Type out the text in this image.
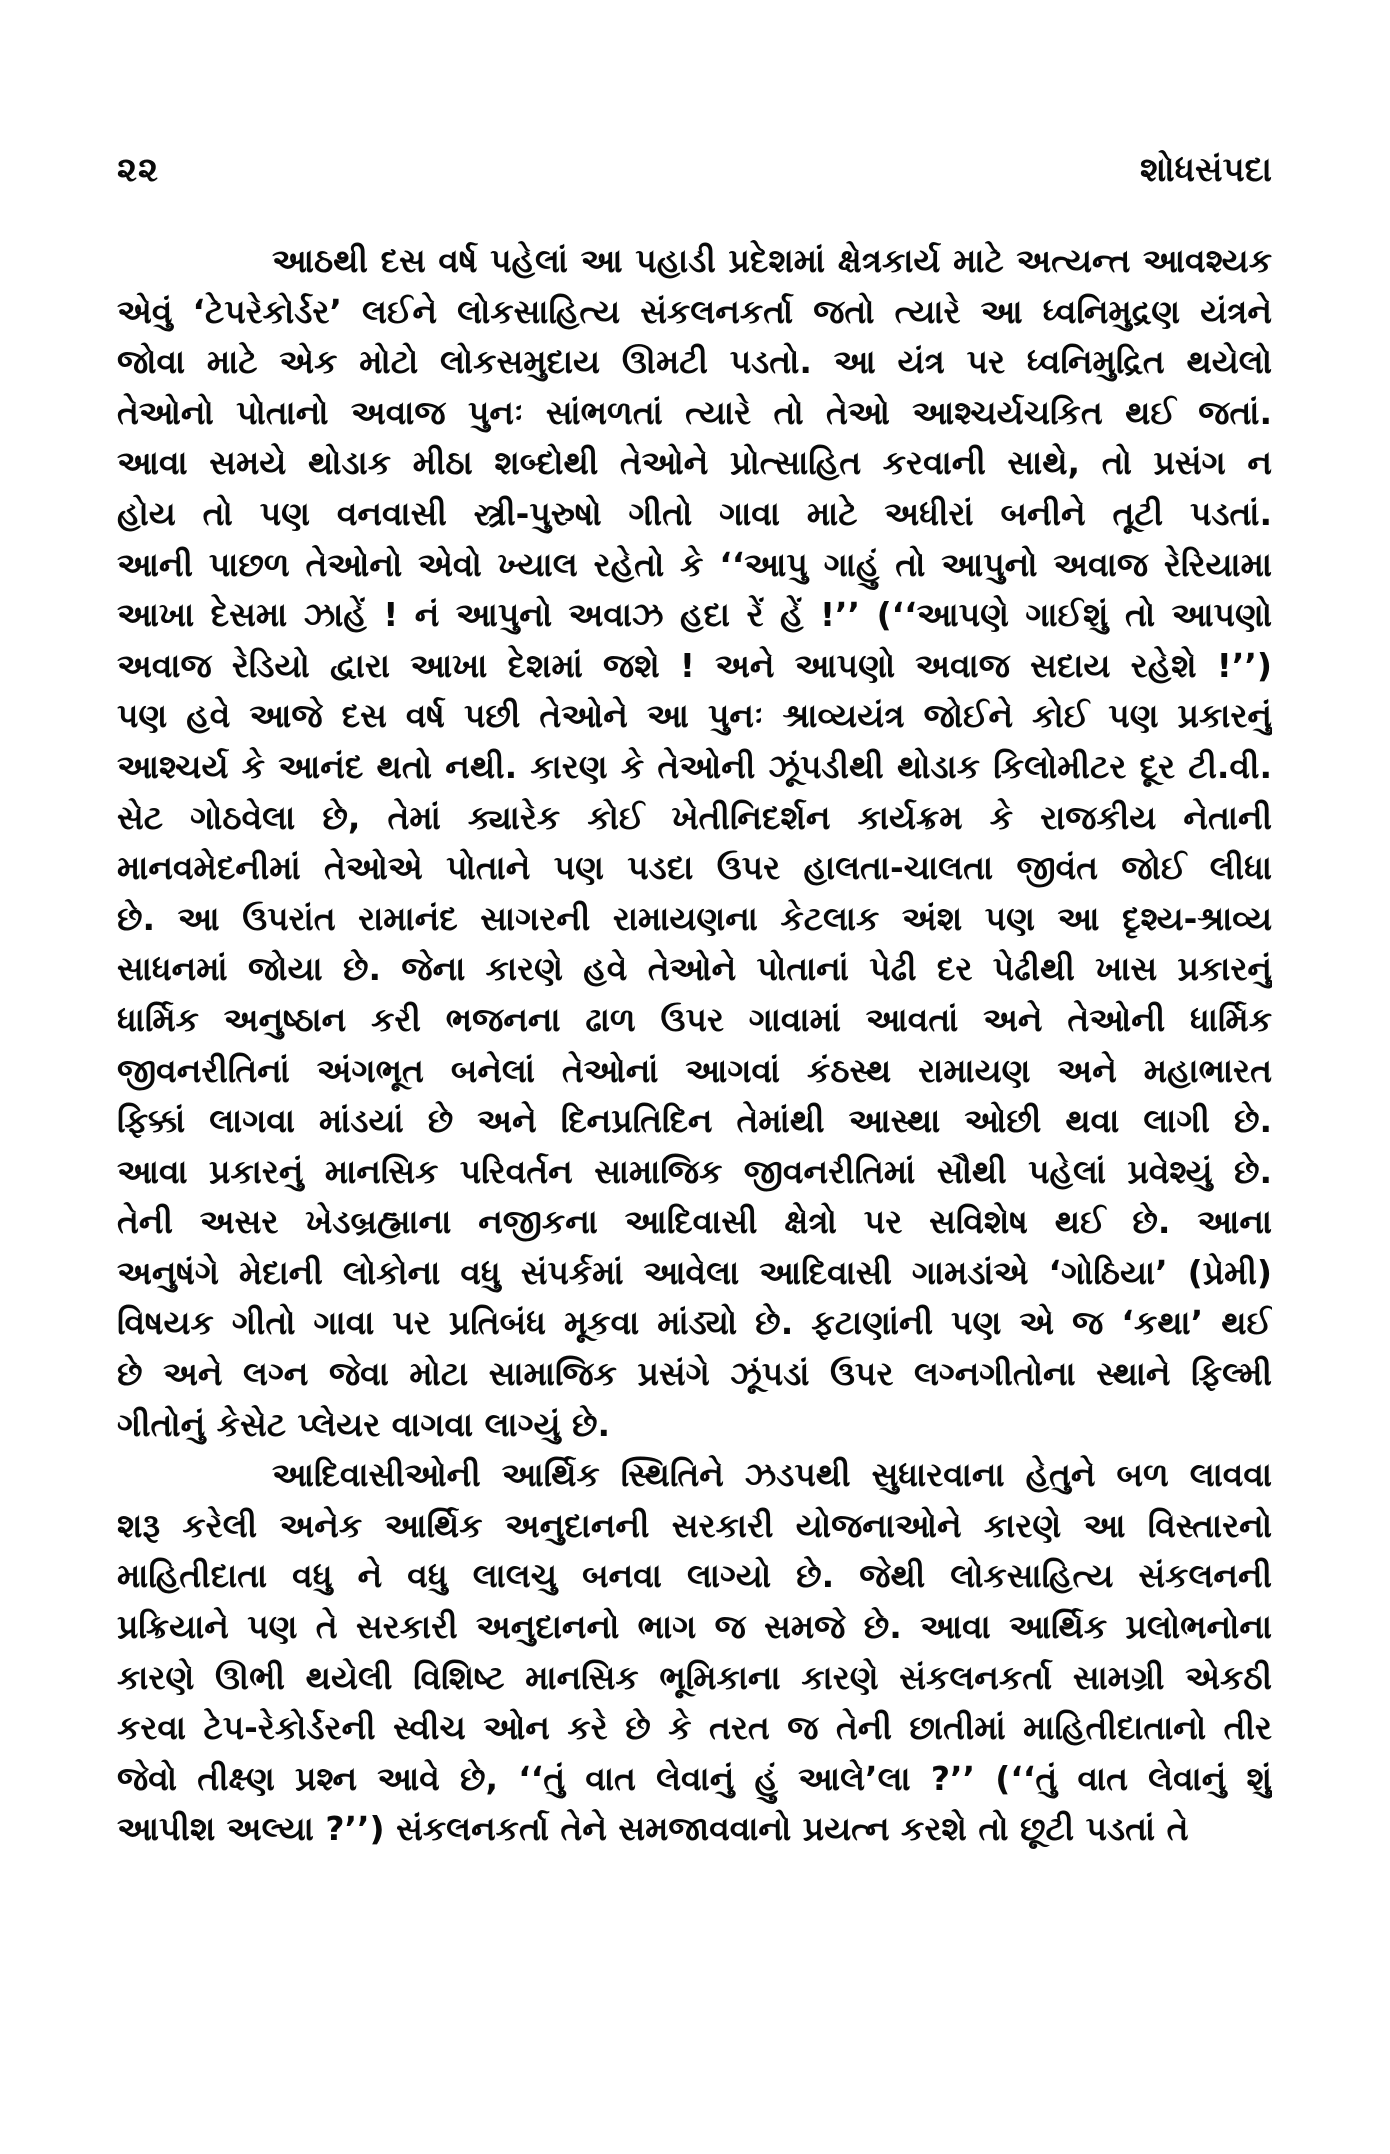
૨૨	શોધસંપદા
આઠથી દસ વર્ષ પહેલાં આ પહાડી પ્રદેશમાં ક્ષેત્રકાર્ય માટે અત્યન્ત આવશ્યક
એવું ‘ટેપરેકોર્ડર’ લઈને લોકસાહિત્ય સંકલનકર્તા જતો ત્યારે આ ધ્વનિમુદ્રણ યંત્રને
જોવા માટે એક મોટો લોકસમુદાય ઊમટી પડતો. આ યંત્ર પર ધ્વનિમુદ્રિત થયેલો
તેઓનો પોતાનો અવાજ પુનઃ સાંભળતાં ત્યારે તો તેઓ આશ્ચર્યચકિત થઈ જતાં.
આવા સમયે થોડાક મીઠા શબ્દોથી તેઓને પ્રોત્સાહિત કરવાની સાથે, તો પ્રસંગ ન
હોય તો પણ વનવાસી સ્ત્રી-પુરુષો ગીતો ગાવા માટે અધીરાં બનીને તૂટી પડતાં.
આની પાછળ તેઓનો એવો ખ્યાલ રહેતો કે ‘‘આપુ ગાહું તો આપુનો અવાજ રેરિયામા
આખા દેસમા ઝાહેં ! નં આપુનો અવાઝ હદા રેં હેં !’’ (‘‘આપણે ગાઈશું તો આપણો
અવાજ રેડિયો દ્વારા આખા દેશમાં જશે ! અને આપણો અવાજ સદાય રહેશે !’’)
પણ હવે આજે દસ વર્ષ પછી તેઓને આ પુનઃ શ્રાવ્યયંત્ર જોઈને કોઈ પણ પ્રકારનું
આશ્ચર્ય કે આનંદ થતો નથી. કારણ કે તેઓની ઝૂંપડીથી થોડાક કિલોમીટર દૂર ટી.વી.
સેટ ગોઠવેલા છે, તેમાં ક્યારેક કોઈ ખેતીનિદર્શન કાર્યક્રમ કે રાજકીય નેતાની
માનવમેદનીમાં તેઓએ પોતાને પણ પડદા ઉપર હાલતા-ચાલતા જીવંત જોઈ લીધા
છે. આ ઉપરાંત રામાનંદ સાગરની રામાયણના કેટલાક અંશ પણ આ દૃશ્ય-શ્રાવ્ય
સાધનમાં જોયા છે. જેના કારણે હવે તેઓને પોતાનાં પેઢી દર પેઢીથી ખાસ પ્રકારનું
ધાર્મિક અનુષ્ઠાન કરી ભજનના ઢાળ ઉપર ગાવામાં આવતાં અને તેઓની ધાર્મિક
જીવનરીતિનાં અંગભૂત બનેલાં તેઓનાં આગવાં કંઠસ્થ રામાયણ અને મહાભારત
ફિક્કાં લાગવા માંડયાં છે અને દિનપ્રતિદિન તેમાંથી આસ્થા ઓછી થવા લાગી છે.
આવા પ્રકારનું માનસિક પરિવર્તન સામાજિક જીવનરીતિમાં સૌથી પહેલાં પ્રવેશ્યું છે.
તેની અસર ખેડબ્રહ્માના નજીકના આદિવાસી ક્ષેત્રો પર સવિશેષ થઈ છે. આના
અનુષંગે મેદાની લોકોના વધુ સંપર્કમાં આવેલા આદિવાસી ગામડાંએ ‘ગોઠિયા’ (પ્રેમી)
વિષયક ગીતો ગાવા પર પ્રતિબંધ મૂકવા માંડ્યો છે. ફટાણાંની પણ એ જ ‘કથા’ થઈ
છે અને લગ્ન જેવા મોટા સામાજિક પ્રસંગે ઝૂંપડાં ઉપર લગ્નગીતોના સ્થાને ફિલ્મી
ગીતોનું કેસેટ પ્લેયર વાગવા લાગ્યું છે.
આદિવાસીઓની આર્થિક સ્થિતિને ઝડપથી સુધારવાના હેતુને બળ લાવવા
શરૂ કરેલી અનેક આર્થિક અનુદાનની સરકારી યોજનાઓને કારણે આ વિસ્તારનો
માહિતીદાતા વધુ ને વધુ લાલચુ બનવા લાગ્યો છે. જેથી લોકસાહિત્ય સંકલનની
પ્રક્રિયાને પણ તે સરકારી અનુદાનનો ભાગ જ સમજે છે. આવા આર્થિક પ્રલોભનોના
કારણે ઊભી થયેલી વિશિષ્ટ માનસિક ભૂમિકાના કારણે સંકલનકર્તા સામગ્રી એકઠી
કરવા ટેપ-રેકોર્ડરની સ્વીચ ઓન કરે છે કે તરત જ તેની છાતીમાં માહિતીદાતાનો તીર
જેવો તીક્ષ્ણ પ્રશ્ન આવે છે, ‘‘તું વાત લેવાનું હું આલે’લા ?’’ (‘‘તું વાત લેવાનું શું
આપીશ અલ્યા ?’’) સંકલનકર્તા તેને સમજાવવાનો પ્રયત્ન કરશે તો છૂટી પડતાં તે
